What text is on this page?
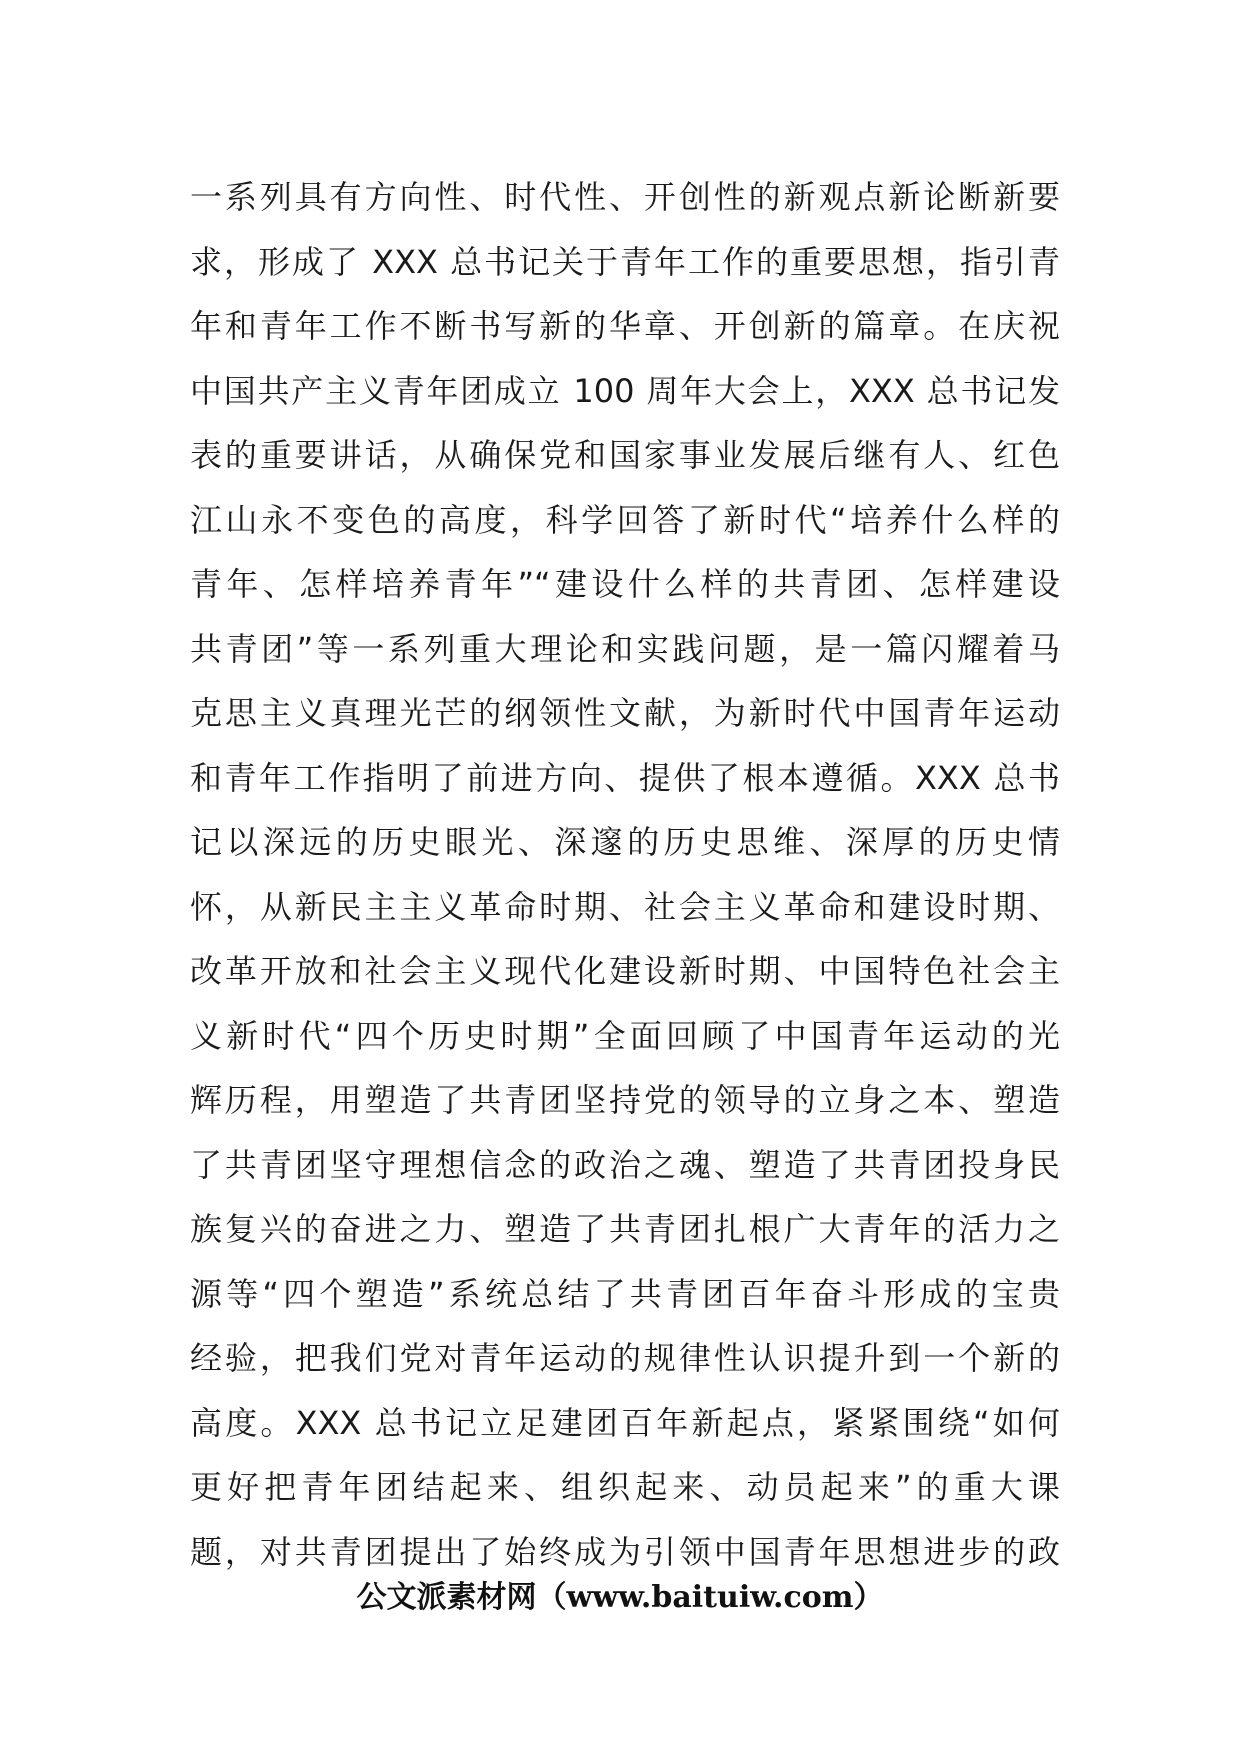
一系列具有方向性、时代性、开创性的新观点新论断新要
求，形成了 XXX 总书记关于青年工作的重要思想，指引青
年和青年工作不断书写新的华章、开创新的篇章。在庆祝
中国共产主义青年团成立 100 周年大会上，XXX 总书记发
表的重要讲话，从确保党和国家事业发展后继有人、红色
江山永不变色的高度，科学回答了新时代“培养什么样的
青年、怎样培养青年”“建设什么样的共青团、怎样建设
共青团”等一系列重大理论和实践问题，是一篇闪耀着马
克思主义真理光芒的纲领性文献，为新时代中国青年运动
和青年工作指明了前进方向、提供了根本遵循。XXX 总书
记以深远的历史眼光、深邃的历史思维、深厚的历史情
怀，从新民主主义革命时期、社会主义革命和建设时期、
改革开放和社会主义现代化建设新时期、中国特色社会主
义新时代“四个历史时期”全面回顾了中国青年运动的光
辉历程，用塑造了共青团坚持党的领导的立身之本、塑造
了共青团坚守理想信念的政治之魂、塑造了共青团投身民
族复兴的奋进之力、塑造了共青团扎根广大青年的活力之
源等“四个塑造”系统总结了共青团百年奋斗形成的宝贵
经验，把我们党对青年运动的规律性认识提升到一个新的
高度。XXX 总书记立足建团百年新起点，紧紧围绕“如何
更好把青年团结起来、组织起来、动员起来”的重大课
题，对共青团提出了始终成为引领中国青年思想进步的政
公文派素材网（www.baituiw.com）
